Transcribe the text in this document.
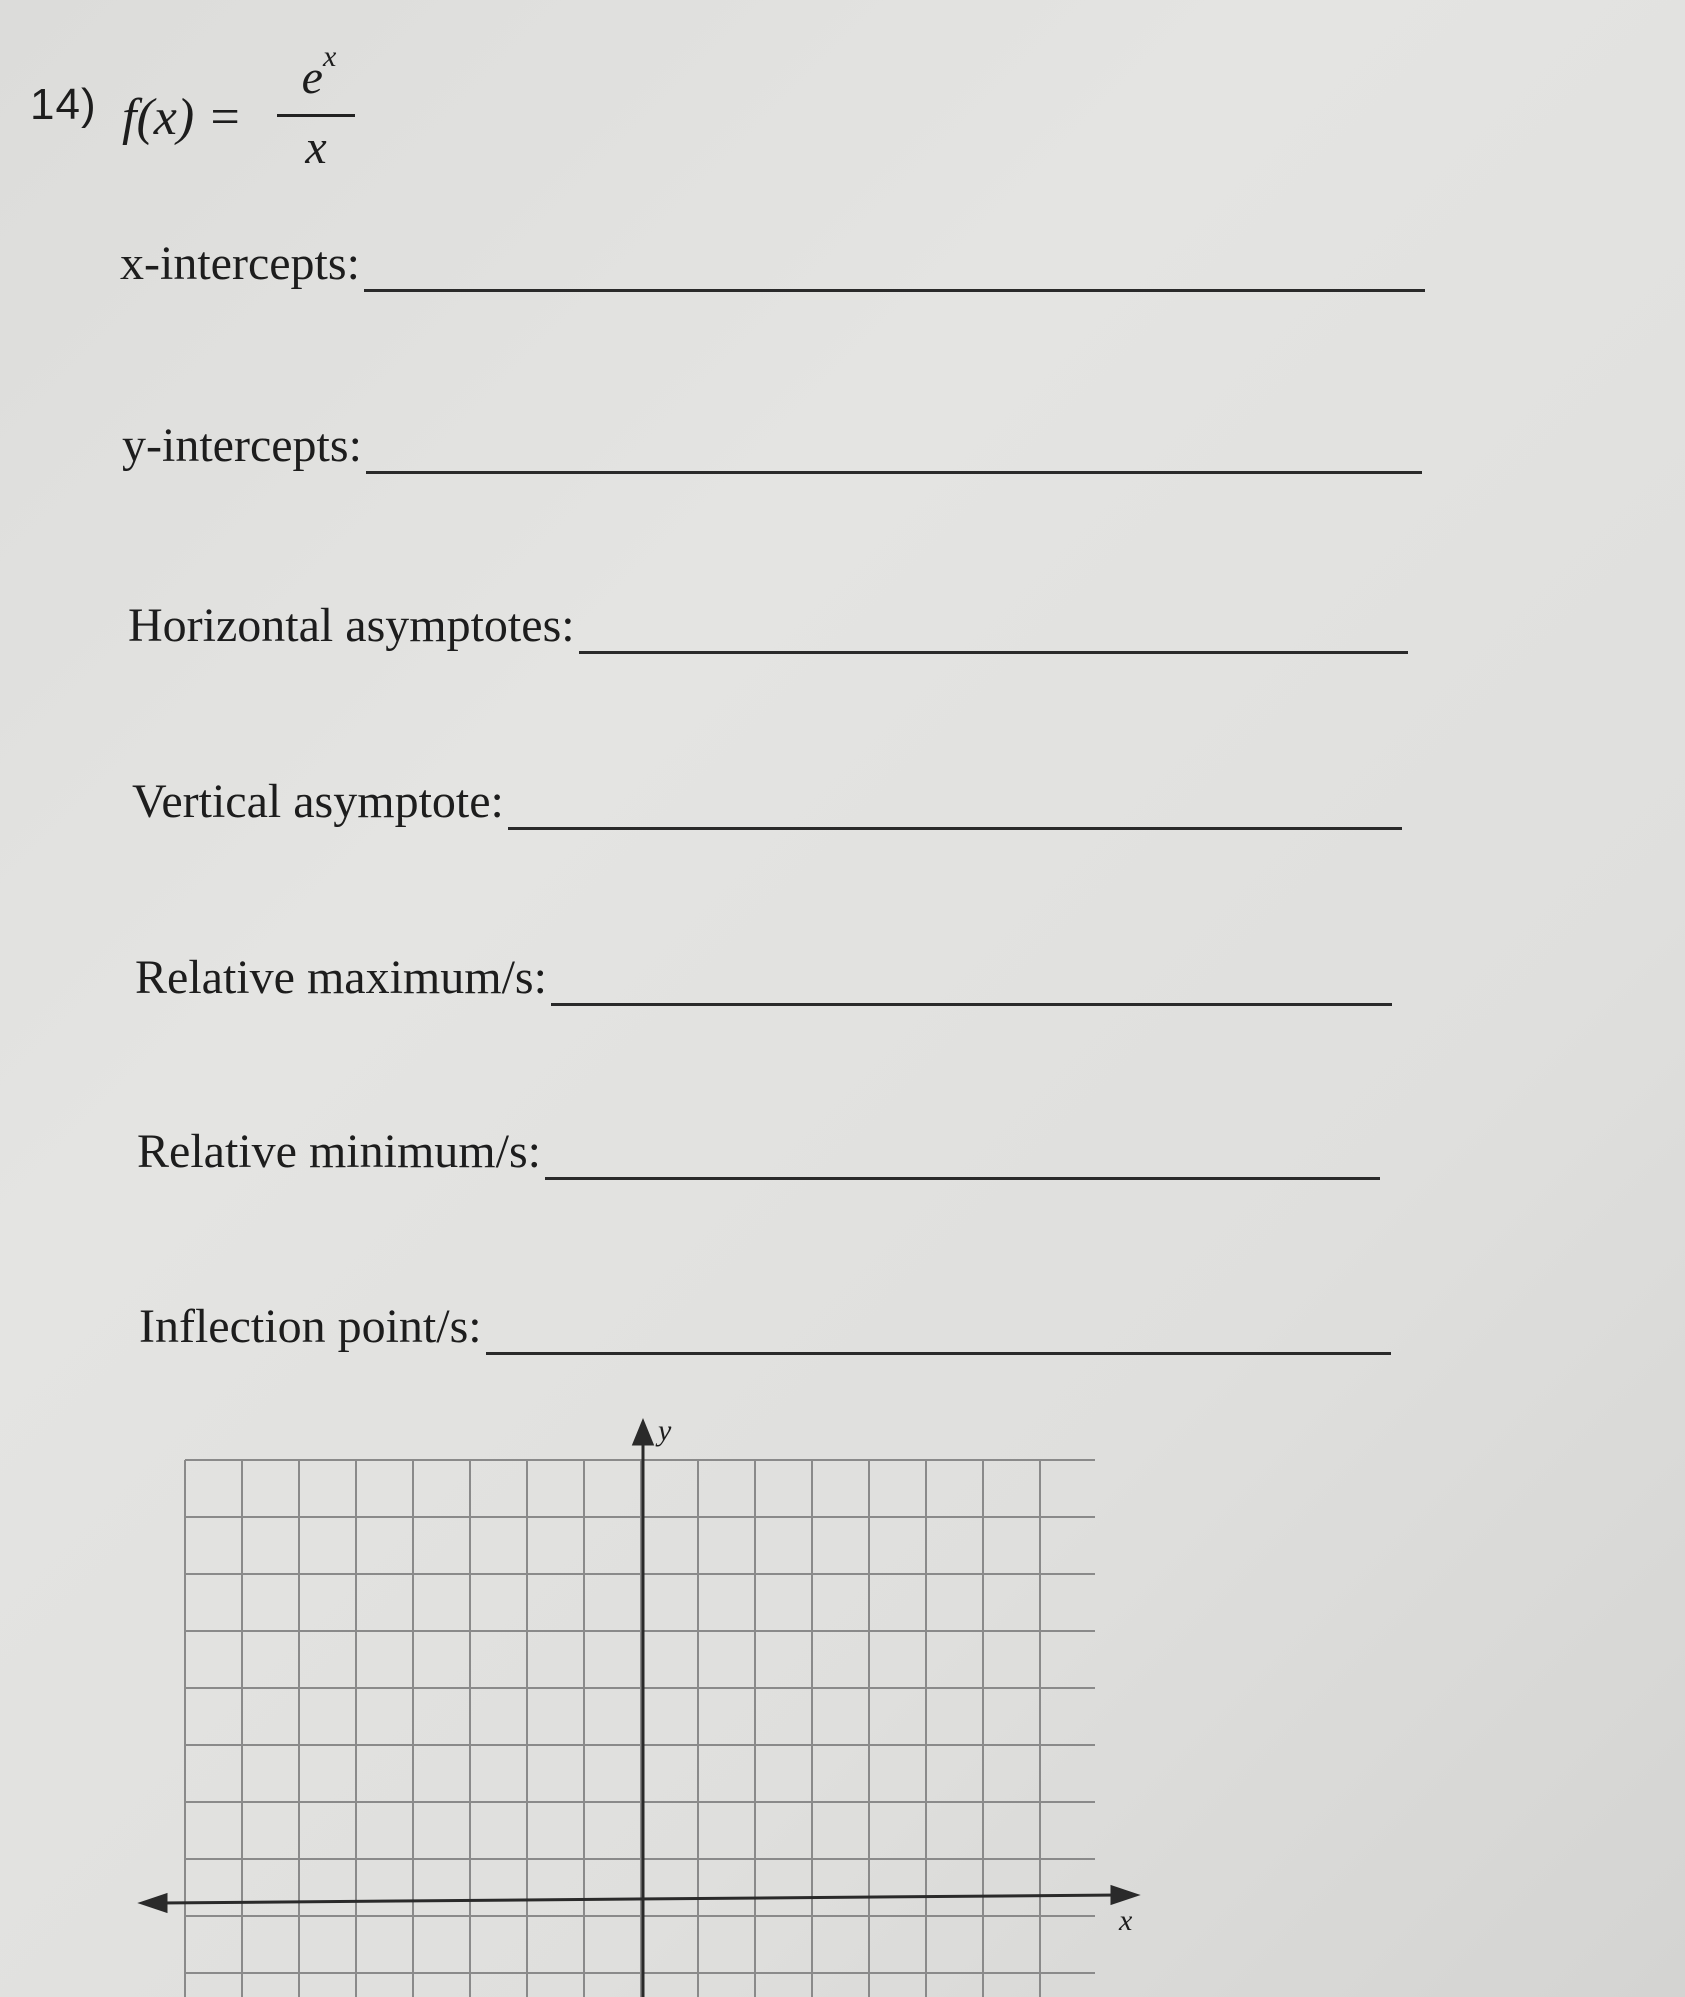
14) f(x) =
$e^x$
x
x-intercepts:
y-intercepts:
Horizontal asymptotes:
Vertical asymptote:
Relative maximum/s:
Relative minimum/s:
Inflection point/s:
y
x
